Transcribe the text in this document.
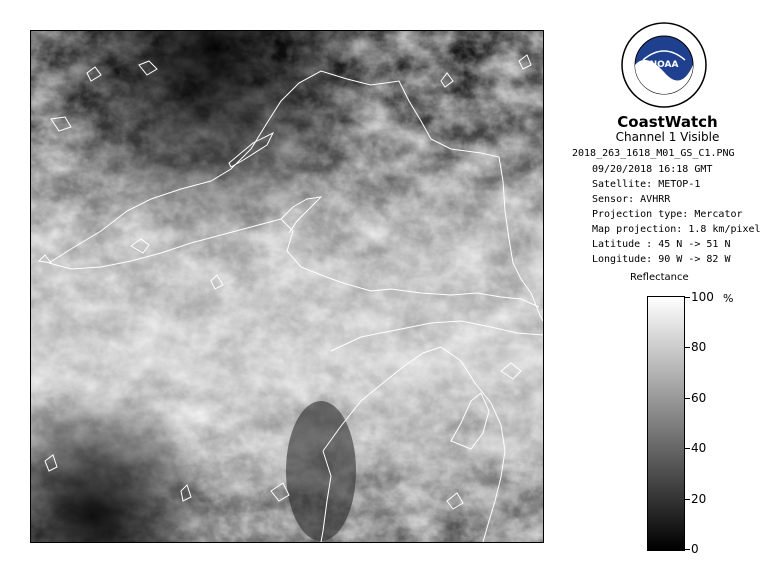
NOAA
CoastWatch
Channel 1 Visible
2018_263_1618_M01_GS_C1.PNG
09/20/2018 16:18 GMT
Satellite: METOP-1
Sensor: AVHRR
Projection type: Mercator
Map projection: 1.8 km/pixel
Latitude : 45 N -> 51 N
Longitude: 90 W -> 82 W
Reflectance
%
100
80
60
40
20
0
